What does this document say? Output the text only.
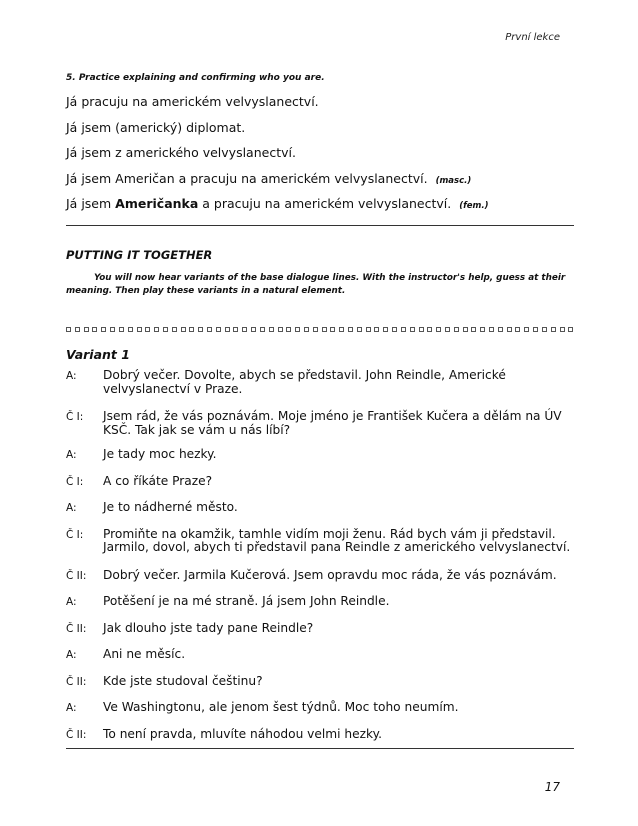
První lekce
5. Practice explaining and confirming who you are.
Já pracuju na americkém velvyslanectví.
Já jsem (americký) diplomat.
Já jsem z amerického velvyslanectví.
Já jsem Američan a pracuju na americkém velvyslanectví. (masc.)
Já jsem Američanka a pracuju na americkém velvyslanectví. (fem.)
PUTTING IT TOGETHER
You will now hear variants of the base dialogue lines. With the instructor's help, guess at their meaning. Then play these variants in a natural element.
Variant 1
A:	Dobrý večer. Dovolte, abych se představil. John Reindle, Americké velvyslanectví v Praze.
Č I:	Jsem rád, že vás poznávám. Moje jméno je František Kučera a dělám na ÚV KSČ. Tak jak se vám u nás líbí?
A:	Je tady moc hezky.
Č I:	A co říkáte Praze?
A:	Je to nádherné město.
Č I:	Promiňte na okamžik, tamhle vidím moji ženu. Rád bych vám ji představil. Jarmilo, dovol, abych ti představil pana Reindle z amerického velvyslanectví.
Č II:	Dobrý večer. Jarmila Kučerová. Jsem opravdu moc ráda, že vás poznávám.
A:	Potěšení je na mé straně. Já jsem John Reindle.
Č II:	Jak dlouho jste tady pane Reindle?
A:	Ani ne měsíc.
Č II:	Kde jste studoval češtinu?
A:	Ve Washingtonu, ale jenom šest týdnů. Moc toho neumím.
Č II:	To není pravda, mluvíte náhodou velmi hezky.
17
